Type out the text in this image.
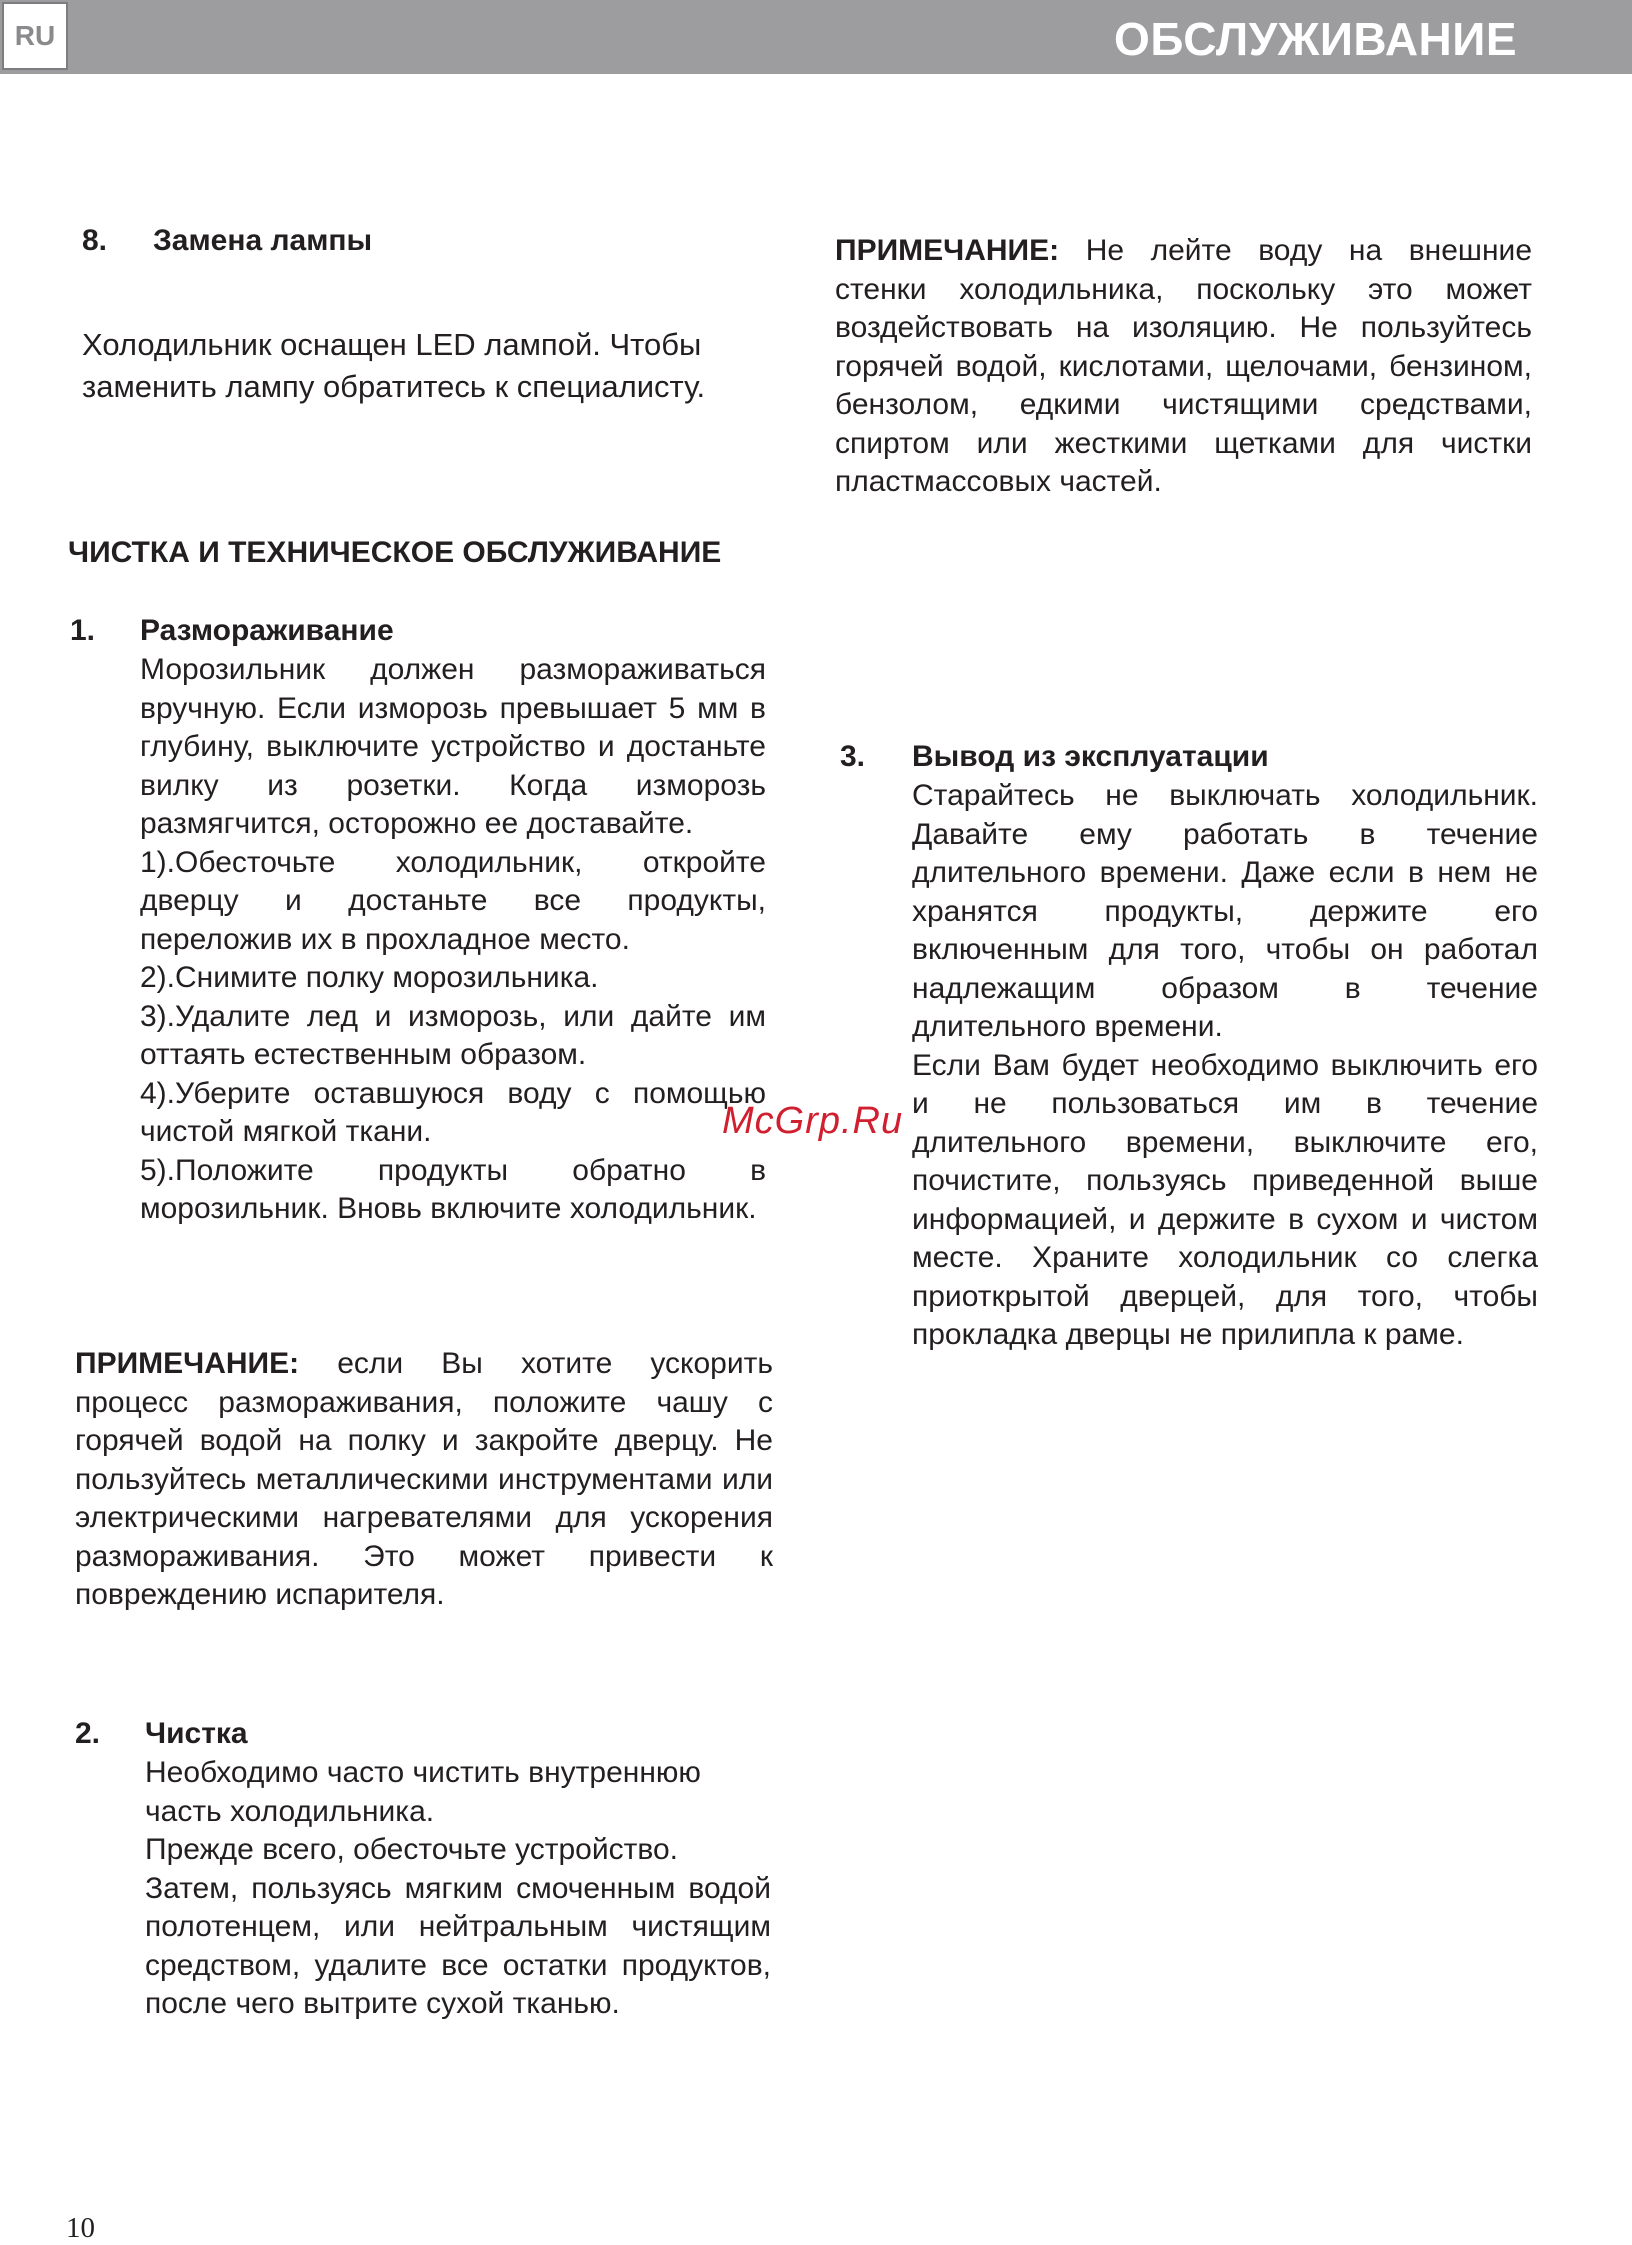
RU	ОБСЛУЖИВАНИЕ
8.	Замена лампы

Холодильник оснащен LED лампой. Чтобы заменить лампу обратитесь к специалисту.

ЧИСТКА И ТЕХНИЧЕСКОЕ ОБСЛУЖИВАНИЕ
1.	Размораживание

Морозильник должен размораживаться вручную. Если изморозь превышает 5 мм в глубину, выключите устройство и достаньте вилку из розетки. Когда изморозь размягчится, осторожно ее доставайте.

1).Обесточьте холодильник, откройте дверцу и достаньте все продукты, переложив их в прохладное место.

2).Снимите полку морозильника.

3).Удалите лед и изморозь, или дайте им оттаять естественным образом.

4).Уберите оставшуюся воду с помощью чистой мягкой ткани.

5).Положите продукты обратно в морозильник. Вновь включите холодильник.

ПРИМЕЧАНИЕ: если Вы хотите ускорить процесс размораживания, положите чашу с горячей водой на полку и закройте дверцу. Не пользуйтесь металлическими инструментами или электрическими нагревателями для ускорения размораживания. Это может привести к повреждению испарителя.

2.	Чистка

Необходимо часто чистить внутреннюю часть холодильника.

Прежде всего, обесточьте устройство.

Затем, пользуясь мягким смоченным водой полотенцем, или нейтральным чистящим средством, удалите все остатки продуктов, после чего вытрите сухой тканью.

ПРИМЕЧАНИЕ: Не лейте воду на внешние стенки холодильника, поскольку это может воздействовать на изоляцию. Не пользуйтесь горячей водой, кислотами, щелочами, бензином, бензолом, едкими чистящими средствами, спиртом или жесткими щетками для чистки пластмассовых частей.

3.	Вывод из эксплуатации

Старайтесь не выключать холодильник. Давайте ему работать в течение длительного времени. Даже если в нем не хранятся продукты, держите его включенным для того, чтобы он работал надлежащим образом в течение длительного времени.

Если Вам будет необходимо выключить его и не пользоваться им в течение длительного времени, выключите его, почистите, пользуясь приведенной выше информацией, и держите в сухом и чистом месте. Храните холодильник со слегка приоткрытой дверцей, для того, чтобы прокладка дверцы не прилипла к раме.

McGrp.Ru
10
